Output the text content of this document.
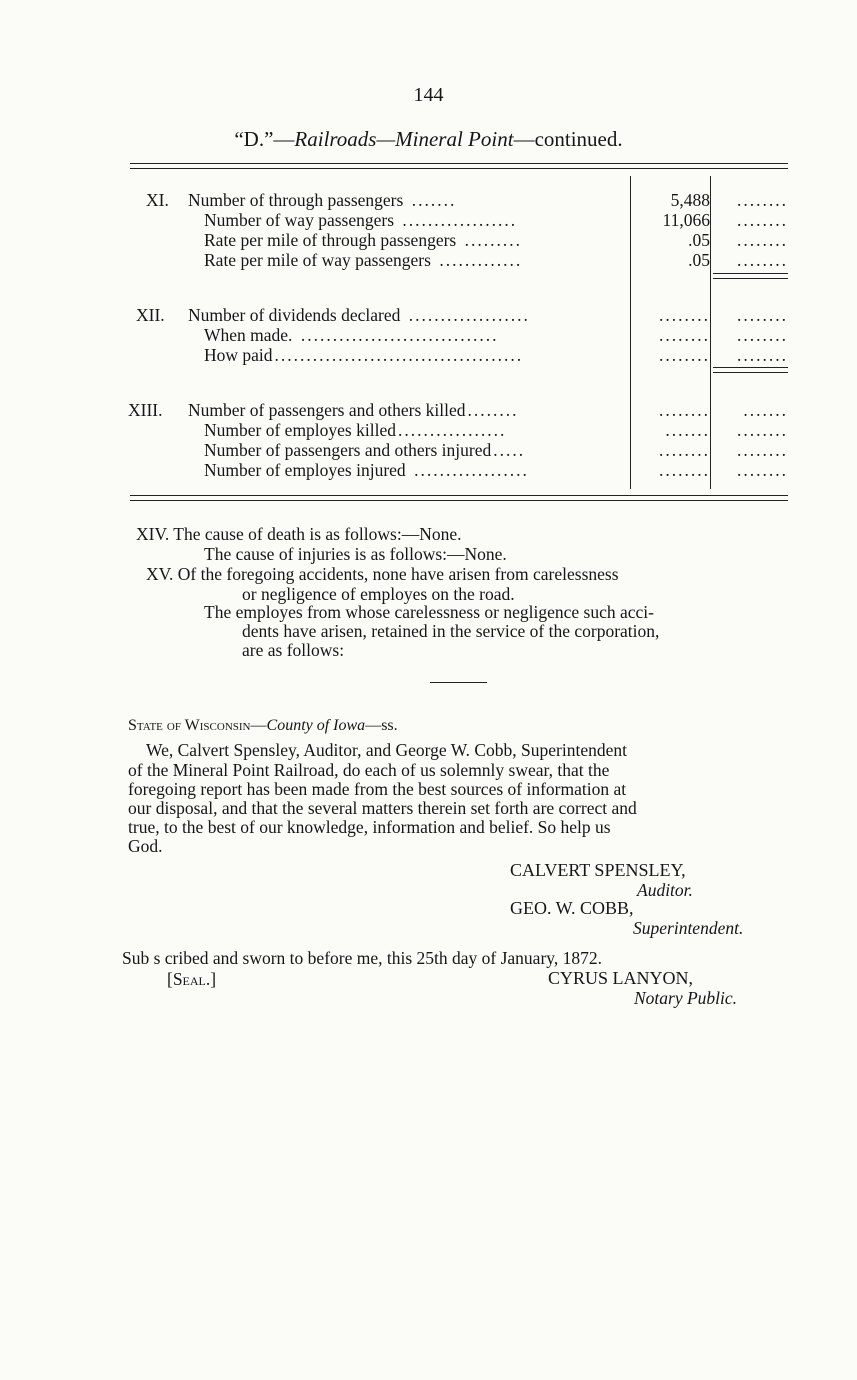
144
“D.”—Railroads—Mineral Point—continued.
XI. Number of through passengers .......	5,488	........
Number of way passengers ..................	11,066	........
Rate per mile of through passengers .........	.05	........
Rate per mile of way passengers .............	.05	........
XII. Number of dividends declared ...................	........	........
When made. ...............................	........	........
How paid .......................................	........	........
XIII. Number of passengers and others killed ........	........	.......
Number of employes killed .................	.......	........
Number of passengers and others injured .....	........	........
Number of employes injured ..................	........	........
XIV. The cause of death is as follows:—None.
The cause of injuries is as follows:—None.
XV. Of the foregoing accidents, none have arisen from carelessness
or negligence of employes on the road.
The employes from whose carelessness or negligence such acci-
dents have arisen, retained in the service of the corporation,
are as follows:
State of Wisconsin—County of Iowa—ss.
We, Calvert Spensley, Auditor, and George W. Cobb, Superintendent
of the Mineral Point Railroad, do each of us solemnly swear, that the
foregoing report has been made from the best sources of information at
our disposal, and that the several matters therein set forth are correct and
true, to the best of our knowledge, information and belief. So help us
God.
CALVERT SPENSLEY,
Auditor.
GEO. W. COBB,
Superintendent.
Sub s cribed and sworn to before me, this 25th day of January, 1872.
[Seal.]	CYRUS LANYON,
Notary Public.
